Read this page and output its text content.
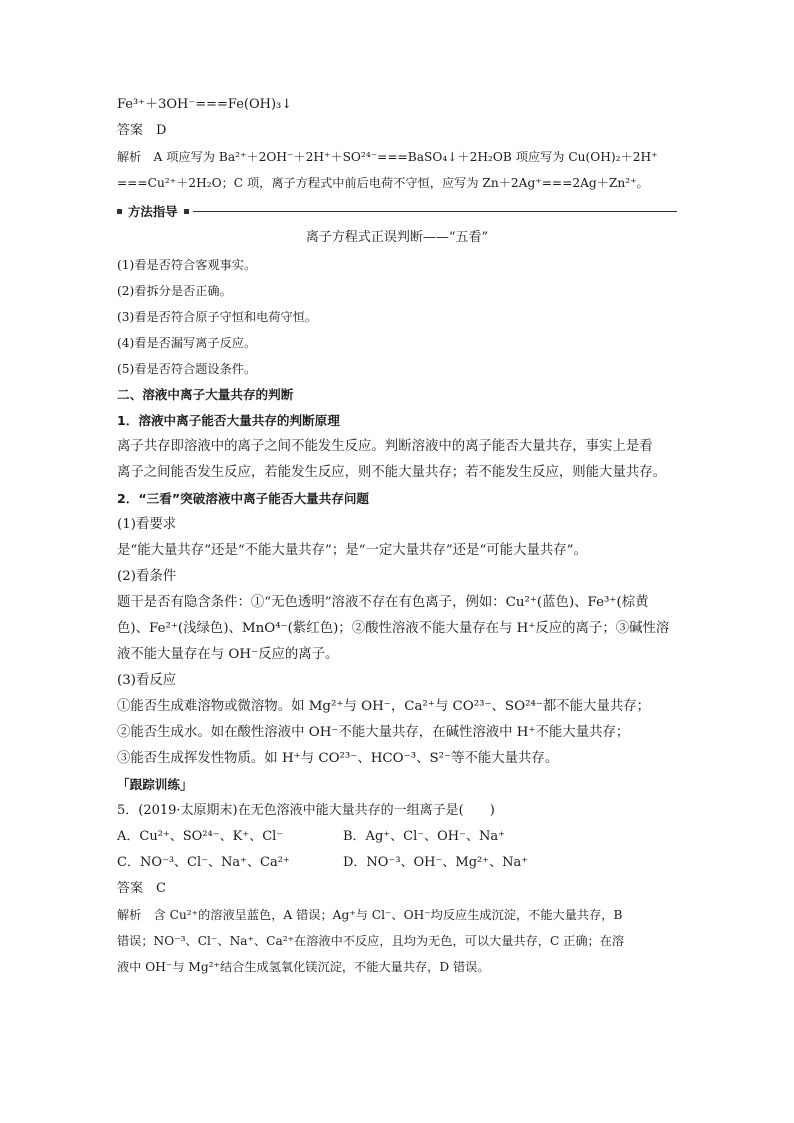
Fe³⁺＋3OH⁻===Fe(OH)₃↓
答案　D
解析　A 项应写为 Ba²⁺＋2OH⁻＋2H⁺＋SO²⁴⁻===BaSO₄↓＋2H₂OB 项应写为 Cu(OH)₂＋2H⁺
===Cu²⁺＋2H₂O；C 项，离子方程式中前后电荷不守恒，应写为 Zn＋2Ag⁺===2Ag＋Zn²⁺。
方法指导
离子方程式正误判断——“五看”
(1)看是否符合客观事实。
(2)看拆分是否正确。
(3)看是否符合原子守恒和电荷守恒。
(4)看是否漏写离子反应。
(5)看是否符合题设条件。
二、溶液中离子大量共存的判断
1．溶液中离子能否大量共存的判断原理
离子共存即溶液中的离子之间不能发生反应。判断溶液中的离子能否大量共存，事实上是看
离子之间能否发生反应，若能发生反应，则不能大量共存；若不能发生反应，则能大量共存。
2．“三看”突破溶液中离子能否大量共存问题
(1)看要求
是“能大量共存”还是“不能大量共存”；是“一定大量共存”还是“可能大量共存”。
(2)看条件
题干是否有隐含条件：①“无色透明”溶液不存在有色离子，例如：Cu²⁺(蓝色)、Fe³⁺(棕黄
色)、Fe²⁺(浅绿色)、MnO⁴⁻(紫红色)；②酸性溶液不能大量存在与 H⁺反应的离子；③碱性溶
液不能大量存在与 OH⁻反应的离子。
(3)看反应
①能否生成难溶物或微溶物。如 Mg²⁺与 OH⁻，Ca²⁺与 CO²³⁻、SO²⁴⁻都不能大量共存；
②能否生成水。如在酸性溶液中 OH⁻不能大量共存，在碱性溶液中 H⁺不能大量共存；
③能否生成挥发性物质。如 H⁺与 CO²³⁻、HCO⁻³、S²⁻等不能大量共存。
「跟踪训练」
5．(2019·太原期末)在无色溶液中能大量共存的一组离子是(　　)
A．Cu²⁺、SO²⁴⁻、K⁺、Cl⁻	B．Ag⁺、Cl⁻、OH⁻、Na⁺
C．NO⁻³、Cl⁻、Na⁺、Ca²⁺	D．NO⁻³、OH⁻、Mg²⁺、Na⁺
答案　C
解析　含 Cu²⁺的溶液呈蓝色，A 错误；Ag⁺与 Cl⁻、OH⁻均反应生成沉淀，不能大量共存，B
错误；NO⁻³、Cl⁻、Na⁺、Ca²⁺在溶液中不反应，且均为无色，可以大量共存，C 正确；在溶
液中 OH⁻与 Mg²⁺结合生成氢氧化镁沉淀，不能大量共存，D 错误。
